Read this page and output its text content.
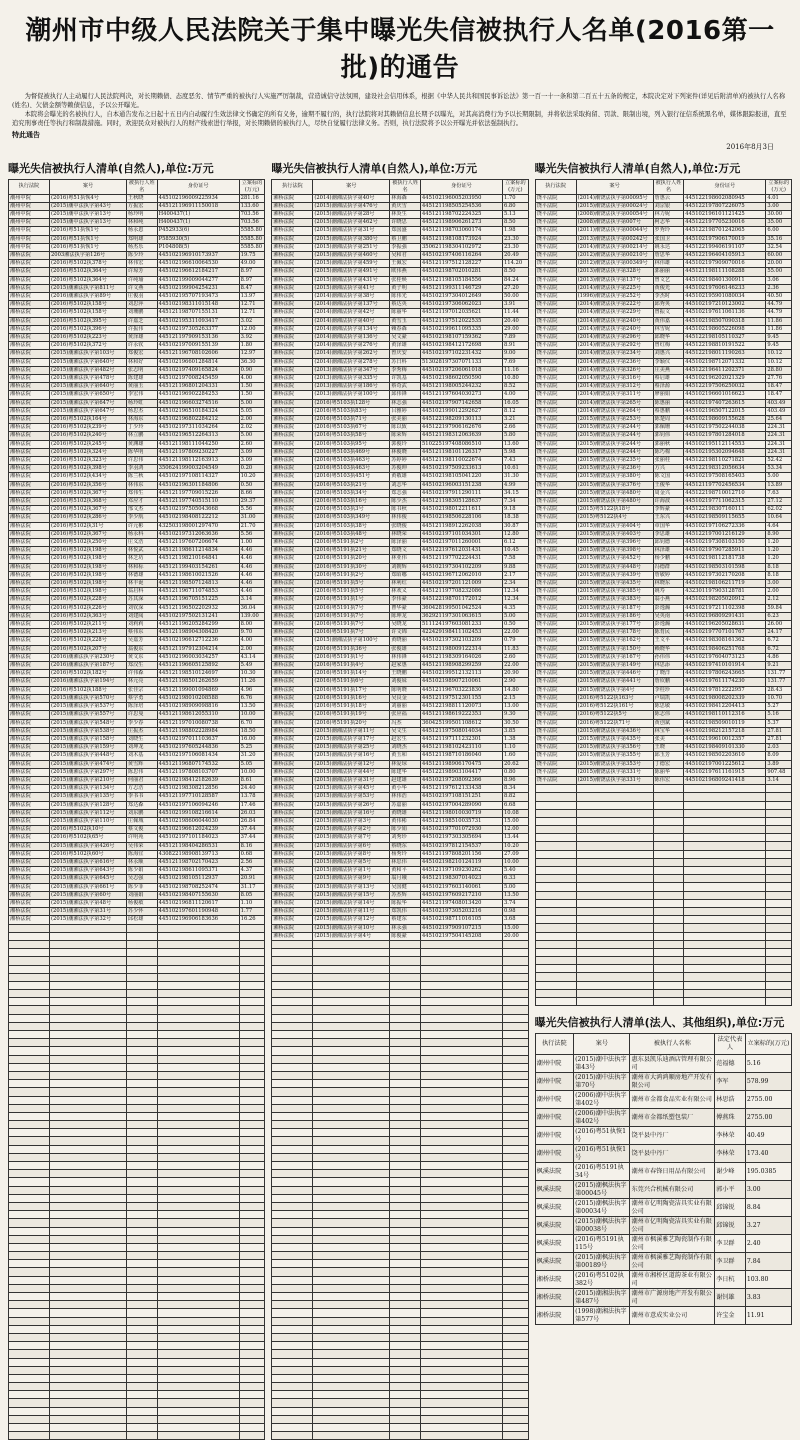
潮州市中级人民法院关于集中曝光失信被执行人名单(2016第一批)的通告

为督促被执行人主动履行人民法院判决，对长期赖债、态度恶劣、情节严重的被执行人实施严厉制裁，营造诚信守法氛围，建设社会信用体系，根据《中华人民共和国民事诉讼法》第一百一十一条和第二百五十五条的规定，本院决定对下列案件(详见后附清单)的被执行人名称(姓名)、欠债金额等赖债信息，予以公开曝光。

本院将会曝光的名被执行人，自本通告发布之日起十五日内自动履行生效法律文书确定的所有义务，逾期不履行的，执行法院将对其赖债信息长期予以曝光，对其高消费行为予以长期限制，并将依法采取拘留、罚款、限制出境，列入银行征信系统黑名单，媒体跟踪报道，直至追究刑事责任等执行和制裁措施。同时，欢迎民众对被执行人的财产线索进行举报，对长期赖债的被执行人，尽快自觉履行法律义务。否则，执行法院将予以公开曝光并依法强制执行。

特此通告
2016年8月3日
曝光失信被执行人清单(自然人),单位:万元
执行法院	案号	被执行人姓名	身份证号	立案标的(万元)
潮州中院	(2016)粤51执恢4号	王秋晓	445102196009225934	281.16
潮州中院	(2015)潮中法执字第43号	方振宏	445121196911150018	133.60
潮州中院	(2015)潮中法执字第13号	杨玲明	H400437(1)	703.56
潮州中院	(2015)潮中法执字第13号	林和纯	H400437(1)	703.56
潮州中院	(2016)粤51执恢1号	杨永恩	P452933(6)	5585.80
潮州中院	(2016)粤51执恢1号	郑明雄	P585930(5)	5585.80
潮州中院	(2016)粤51执恢1号	杨杰乐	P104808(5)	5585.80
湘桥法院	2003湘法执字第126号	陈少玲	445102196910173937	19.75
湘桥法院	(2016)粤5102执378号	林伟宏	445102196610064530	49.00
湘桥法院	(2016)粤5102执364号	许琼芳	445102196612184217	8.97
湘桥法院	(2016)粤5102执364号	许纯瑜	445102199009044277	8.97
湘桥法院	(2015)潮湘法执字第811号	许文燕	445102199904254231	8.47
湘桥法院	(2016)潮湘法执字第89号	庄俊羽	445102195707193473	13.97
湘桥法院	(2016)粤5102执158号	刘思萍	445102198311015148	12.71
湘桥法院	(2016)粤5102执158号	刘珊鹏	445121198707155131	12.71
湘桥法院	(2016)粤5102执395号	许嘉芝	445102195311093417	3.02
湘桥法院	(2016)粤5102执396号	许振伟	445102197305263377	12.00
湘桥法院	(2016)粤5102执223号	黄泽雄	445121197909153136	3.92
湘桥法院	(2016)粤5102执372号	许永钦	445102197009155139	1.80
湘桥法院	(2015)潮湘法执字第103号	郑俊宏	445121196708102606	12.97
湘桥法院	(2015)潮湘法执字第640号	林和好	445102196601284814	36.30
湘桥法院	(2015)潮湘法执字第482号	张志明	445102197409165824	0.90
湘桥法院	(2015)潮湘法执字第478号	陈建雄	445102197008245459	4.00
湘桥法院	(2015)潮湘法执字第640号	黄丽玉	445121196801204331	1.50
湘桥法院	(2015)潮湘法执字第650号	李宏伟	445102196902284253	1.50
湘桥法院	(2015)潮湘法执字第647号	杨玲虹	445102196603274516	5.00
湘桥法院	(2015)潮湘法执字第647号	杨思杰	445102196510184324	5.05
湘桥法院	(2016)粤5102执164号	林海东	445102196802284212	2.00
湘桥法院	(2016)粤5102执239号	丁少玲	445102197311034264	2.02
湘桥法院	(2016)粤5102执240号	林立鹏	445102196512264313	5.00
湘桥法院	(2016)粤5102执245号	黄渊雄	445121198111044250	2.60
湘桥法院	(2016)粤5102执324号	陈华明	445121197809230227	3.09
湘桥法院	(2016)粤5102执323号	许思伟	445121198112163913	3.09
湘桥法院	(2016)粤5102执398号	李羽鸿	350624199003204549	0.20
湘桥法院	(2016)粤5102执434号	陈兰秋	445102197108114327	10.20
湘桥法院	(2016)粤5102执356号	林伟东	445102196301184806	0.50
湘桥法院	(2016)粤5102执367号	郑伟生	445121197709015226	8.66
湘桥法院	(2016)粤5102执368号	邓应才	445121197740515110	29.37
湘桥法院	(2016)粤5102执367号	邢文杰	445102197505043668	5.56
湘桥法院	(2016)粤5102执286号	李少航	445102198408122212	31.00
湘桥法院	(2016)粤5102执31号	许元彬	432503198001297470	21.70
湘桥法院	(2016)粤5102执367号	杨永科	445102197312063636	5.56
湘桥法院	(2016)粤5102执250号	庄义浩	445121197607206674	1.00
湘桥法院	(2016)粤5102执198号	林悦武	445121198611214834	4.46
湘桥法院	(2016)粤5102执198号	林芝坊	445121198210164841	4.46
湘桥法院	(2016)粤5102执198号	林和标	445121199403154261	4.46
湘桥法院	(2016)粤5102执198号	林德雄	445121198610021526	4.46
湘桥法院	(2016)粤5102执198号	林丰诞	445121198507124813	4.46
湘桥法院	(2016)粤5102执198号	翁启科	445121196711074853	4.46
湘桥法院	(2016)粤5102执228号	苏其深	445121196705151225	3.14
湘桥法院	(2016)粤5102执226号	刘钦深	445121196502202932	36.04
湘桥法院	(2016)粤5102执363号	刘建阅	445102197502131241	139.00
湘桥法院	(2016)粤5102执211号	刘莉莉	445121196205284299	8.00
湘桥法院	(2016)粤5102执213号	蔡伟东	445121198904308420	9.70
湘桥法院	(2016)粤5102执228号	吴嘉芳	445102196612712236	4.00
湘桥法院	(2016)粤5102执207号	翁俊东	445121197912304214	2.00
湘桥法院	(2016)潮湘法执字第230号	黄文东	445102196003034257	43.14
湘桥法院	(2016)潮湘法执字第187号	郑汉生	445121196605125892	5.49
湘桥法院	(2016)粤5102执182号	许伟森	445121198510124697	10.30
湘桥法院	(2016)潮湘法执字第194号	林元亮	445121198501262659	11.26
湘桥法院	(2016)粤5102执188号	张佳宗	445121199001094869	4.96
湘桥法院	(2015)潮湘法执字第570号	蔡学勇	445102198010208588	6.76
湘桥法院	(2015)潮湘法执字第537号	陈泽培	445102198909098816	13.50
湘桥法院	(2015)潮湘法执字第557号	许思曼	445121198612055310	10.00
湘桥法院	(2015)潮湘法执字第548号	李少春	445121197010080738	6.70
湘桥法院	(2015)潮湘法执字第538号	庄振杰	445121198802228984	18.50
湘桥法院	(2015)潮湘法执字第158号	刘晓生	445102197011103637	16.00
湘桥法院	(2015)潮湘法执字第159号	刘坤龙	445102197605244836	5.25
湘桥法院	(2015)潮湘法执字第448号	刘木基	445102197106081434	31.20
湘桥法院	(2015)潮湘法执字第474号	黄雪辉	445121196807174532	5.05
湘桥法院	(2015)潮湘法执字第297号	陈思伟	445121197808103707	10.00
湘桥法院	(2015)潮湘法执字第210号	何丽君	445102198412182639	8.61
湘桥法院	(2015)潮湘法执字第134号	方志浩	445102198308212856	24.40
湘桥法院	(2015)潮湘法执字第135号	李书书	445121197710128587	13.78
湘桥法院	(2015)潮湘法执字第128号	郑达森	445102197106094246	17.46
湘桥法院	(2015)潮湘法执字第112号	刘东鹏	445102199108216614	26.03
湘桥法院	(2015)潮湘法执字第110号	庄佩城	445102198606044030	26.84
湘桥法院	(2016)粤5102执10号	蔡文俊	445102196612024239	37.44
湘桥法院	(2016)粤5102执65号	许明苑	445102197101184023	37.44
湘桥法院	(2015)潮湘法执字第426号	吴伟荣	445121198404286531	8.16
湘桥法院	(2016)粤5102执60号	陈海宜	430822198908139713	0.68
湘桥法院	(2015)潮湘法执字第616号	林永顺	445121198702170423	2.56
湘桥法院	(2015)潮湘法执字第643号	陈少娟	445102198611095371	4.37
湘桥法院	(2015)潮湘法执字第645号	吴志强	445102198105112937	20.91
湘桥法院	(2015)潮湘法执字第661号	陈少菲	445102198708252474	31.17
湘桥法院	(2015)潮湘法执字第60号	刘丽娟	445102198407155630	8.05
湘桥法院	(2015)潮湘法执字第48号	杨俊敏	445102196811120617	1.10
湘桥法院	(2015)潮湘法执字第31号	苏少怀	445102197601190948	1.77
湘桥法院	(2015)潮湘法执字第32号	邱松雄	445102196906183636	16.26

曝光失信被执行人清单(自然人),单位:万元
执行法院	案号	被执行人姓名	身份证号	立案标的(万元)
湘桥法院	(2014)潮湘法执字第40号	林海森	445102196005203950	1.70
湘桥法院	(2015)潮湘法执字第476号	黄庆雪	445121198505254536	6.80
湘桥法院	(2015)潮湘法执字第28号	林炎生	445121198702224325	5.13
湘桥法院	(2015)潮湘法执字第462号	许晓思	445121198906261273	8.50
湘桥法院	(2015)潮湘法执字第31号	郑国盛	445121198703060174	1.98
湘桥法院	(2015)潮湘法执字第380号	蔡卫鹏	445121198108173924	23.30
湘桥法院	(2015)潮湘法执字第251号	李振强	350621198304102972	23.30
湘桥法院	(2015)潮湘法执字第460号	吴和君	445102197406116264	20.49
湘桥法院	(2015)潮湘法执字第459号	王佩宏	445121197512128227	114.20
湘桥法院	(2015)潮湘法执字第491号	欧伟燕	445102198702010281	8.50
湘桥法院	(2015)潮湘法执字第431号	张桂焕	445121198105184556	84.24
湘桥法院	(2015)潮湘法执字第41号	黄子明	445121199311146729	27.20
湘桥法院	(2014)潮湘法执字第38号	陈伟光	445102197304012649	50.00
湘桥法院	(2014)潮湘法执字第137号	蔡达英	445102197306062023	3.91
湘桥法院	(2014)潮湘法执字第42号	陈丽华	445121197012035621	11.44
湘桥法院	(2014)潮湘法执字第40号	黄雪玉	445121197512022535	20.40
湘桥法院	(2014)潮湘法执字第134号	赖春森	445102199611095335	29.00
湘桥法院	(2014)潮湘法执字第136号	吴文豪	445102198107159362	7.89
湘桥法院	(2014)潮湘法执字第276号	黄泽雄	445102198412172698	8.91
湘桥法院	(2014)潮湘法执字第262号	曾庆安	445102197102231432	9.00
湘桥法院	(2014)潮湘法执字第278号	苏日科	513028197307071133	7.69
湘桥法院	(2013)潮湘法执字第347号	李秀梅	445102197206061018	11.16
湘桥法院	(2013)潮湘法执字第335号	许凯基	445102198602050590	10.80
湘桥法院	(2013)潮湘法执字第186号	蔡奇武	445121198005244232	8.52
湘桥法院	(2013)潮湘法执字第100号	邱伟锋	445121197604030273	4.00
湘桥法院	(2016)粤5103执128号	林志强	445102197907142658	16.05
湘桥法院	(2016)粤5103执83号	吕雅婷	445102199012292627	8.12
湘桥法院	(2016)粤5103执71号	张美丽	445122198209130113	3.21
湘桥法院	(2016)粤5103执67号	陈以致	445122197906162676	2.66
湘桥法院	(2016)粤5103执58号	陈荣辉	445121198312063639	5.80
湘桥法院	(2016)粤5103执95号	郭俊玲	510225197408086510	13.60
湘桥法院	(2016)粤5103执469号	林俊晓	445121198101126317	5.98
湘桥法院	(2016)粤5103执463号	苏婷婷	445121198110022674	7.43
湘桥法院	(2016)粤5103执463号	苏俊坤	445102197509233613	10.61
湘桥法院	(2016)粤5103执451号	黄敬雄	445102198105041220	31.30
湘桥法院	(2016)粤5103执21号	刘志华	445102196003151238	4.99
湘桥法院	(2016)粤5103执34号	郑志强	445102197911290111	34.15
湘桥法院	(2016)粤5103执16号	陈少杰	445121198305128637	7.34
湘桥法院	(2016)粤5103执3号	陈书秋	445102198012211611	9.18
湘桥法院	(2016)粤5103执349号	林伟俊	445102198506228106	18.38
湘桥法院	(2016)粤5103执38号	张晓俊	445121198912262038	30.87
湘桥法院	(2016)粤5103执48号	林晓荣	445102197101034301	12.80
湘桥法院	(2016)粤5191执2号	陈泽丽	445102197011260001	6.12
湘桥法院	(2016)粤5191执21号	郑晓文	445122197612031431	10.45
湘桥法院	(2016)粤5191执20号	林亚伟	445121197702224431	7.58
湘桥法院	(2016)粤5191执30号	刘朝辉	445102197304102209	9.88
湘桥法院	(2016)粤5191执2号	郑昭娜	445102196712062010	2.17
湘桥法院	(2016)粤5191执5号	林利红	445102197201121009	2.34
湘桥法院	(2016)粤5191执5号	林欢义	445121197708232086	12.34
湘桥法院	(2016)粤5191执1号	李伟豪	445122198701172012	12.34
湘桥法院	(2016)粤5191执7号	曹华豪	360428199501042524	4.35
湘桥法院	(2016)粤5191执7号	陈坤龙	362921197301063615	5.00
湘桥法院	(2016)粤5191执7号	吴晓龙	511124197603081233	0.50
湘桥法院	(2016)粤5191执7号	许文锦	422429198411102453	22.00
湘桥法院	(2015)潮湘法执字第100号	黄晓丽	445102197302103209	0.79
湘桥法院	(2016)粤5191执36号	张俊雄	445121198009122314	11.83
湘桥法院	(2016)粤5191执1号	林伟锋	445121198309164026	2.60
湘桥法院	(2016)粤5191执4号	赵家惠	445121198908299259	22.00
湘桥法院	(2016)粤5191执14号	王晓鹏	445102199512132113	20.90
湘桥法院	(2016)粤5191执6号	刘俊妹	445102198907210061	2.90
湘桥法院	(2016)粤5191执17号	陈明晓	445121196703223830	14.80
湘桥法院	(2016)粤5191执16号	吴良金	445121197512301155	2.15
湘桥法院	(2016)粤5191执18号	刘丽丽	445122198811120073	13.00
湘桥法院	(2016)粤5191执19号	张应福	445121198619222353	9.30
湘桥法院	(2016)粤5191执20号	冯杰	360425199501108612	30.50
湘桥法院	(2015)潮湘法执字第11号	吴文生	445121197508014034	3.85
湘桥法院	(2015)潮湘法执字第17号	赵宏生	445121197111232301	1.38
湘桥法院	(2015)潮湘法执字第25号	刘晓杰	445121198102423110	1.10
湘桥法院	(2015)潮湘法执字第16号	黄玉和	445121198710186040	1.60
湘桥法院	(2015)潮湘法执字第12号	林爱琼	445121198906170475	20.62
湘桥法院	(2015)潮湘法执字第44号	陈建华	445122198903104417	0.80
湘桥法院	(2015)潮湘法执字第31号	赵建雄	445102197208092366	8.96
湘桥法院	(2015)潮湘法执字第45号	黄小华	445121197612133438	8.34
湘桥法院	(2015)潮湘法执字第53号	林伟浩	445102197108151251	8.82
湘桥法院	(2015)潮湘法执字第26号	苏嘉丽	445102197004289090	6.68
湘桥法院	(2015)潮湘法执字第16号	黄晓雄	445121198010030719	10.08
湘桥法院	(2015)潮湘法执字第3号	黄伟彬	445121198510035731	15.00
湘桥法院	(2015)潮湘法执字第2号	陈少娟	445102197701072930	12.00
湘桥法院	(2015)潮湘法执字第7号	刘秀珍	445102197303305694	13.44
湘桥法院	(2015)潮湘法执字第6号	蔡晓东	445102197812154537	10.20
湘桥法院	(2015)潮湘法执字第8号	杨秀玲	445121197808201156	27.09
湘桥法院	(2015)潮湘法执字第5号	林思伟	445102198210124119	10.00
湘桥法院	(2015)潮湘法执字第1号	黄和平	445121197109230262	5.40
湘桥法院	(2015)潮湘法执字第9号	翁月娥	445121198307014023	6.33
湘桥法院	(2015)潮湘法执字第13号	吴国健	445102197603140061	5.00
湘桥法院	(2015)潮湘法执字第15号	苏杰辉	445102197609217210	13.50
湘桥法院	(2015)潮湘法执字第14号	陈振华	445121197408013420	3.74
湘桥法院	(2015)潮湘法执字第11号	郑凯伟	445102197305203216	0.98
湘桥法院	(2015)潮湘法执字第12号	蔡建东	445102198711016105	3.68
湘桥法院	(2015)潮湘法执字第10号	林永强	445102197909107215	15.00
湘桥法院	(2015)潮湘法执字第4号	陈俊豪	445102197504145208	20.00

曝光失信被执行人清单(自然人),单位:万元
执行法院	案号	被执行人姓名	身份证号	立案标的(万元)
饶平法院	(2014)潮饶法执字第00095号	詹惠云	445122198602080945	4.01
饶平法院	(2015)潮饶法执字第00024号	刘宗银	445122197807226075	3.00
饶平法院	(2008)潮饶法执字第00054号	林力妮	445102196101121425	30.00
饶平法院	(2008)潮饶法执字第007号	柯志华	445122197705230016	35.00
饶平法院	(2011)潮饶法执字第00044号	罗秀玲	445122198701242065	6.00
饶平法院	(2013)潮饶法执字第00242号	张国卫	445102197906170019	35.16
饶平法院	(2014)潮饶法执字第00214号	姚永达	445122199406191107	32.54
饶平法院	(2012)潮饶法执字第00210号	詹思华	445122196404105913	60.00
饶平法院	(2012)潮饶法执字第00349号	林伟雄	445102197909070016	20.00
饶平法院	(2013)潮饶法执字第328号	郭丽丽	445121198111108288	55.00
饶平法院	(2013)潮饶法执字第137号	曾文艺	445102198401300911	3.06
饶平法院	(2014)潮饶法执字第225号	黄俊光	445102197606146233	2.36
饶平法院	(1996)潮饶法执字第252号	李杰时	445102195901080034	40.50
饶平法院	(2014)潮饶法执字第222号	邱秀英	445102197210123002	44.79
饶平法院	(2014)潮饶法执字第229号	曾振文	445102197611061136	44.79
饶平法院	(2014)潮饶法执字第240号	黄伟嘉	445102198507090318	11.86
饶平法院	(2014)潮饶法执字第240号	林雪妮	445102198605226098	11.86
饶平法院	(2014)潮饶法执字第296号	邱晓华	445122198105110327	9.45
饶平法院	(2014)潮饶法执字第292号	曾红梅	445122198810191522	9.45
饶平法院	(2014)潮饶法执字第234号	刘惠兴	445122198011190263	10.12
饶平法院	(2014)潮饶法执字第236号	李颖仪	445102198712071332	10.12
饶平法院	(2014)潮饶法执字第326号	庄美燕	445122196411202371	28.80
饶平法院	(2014)潮饶法执字第316号	蔡启雄	445102196202021329	27.76
饶平法院	(2014)潮饶法执字第312号	蔡泽源	445122197506250032	18.47
饶平法院	(2014)潮饶法执字第311号	廖丽娟	445102196601016623	18.47
饶平法院	(2014)潮饶法执字第265号	陈惠丽	445102197407263615	403.49
饶平法院	(2014)潮饶法执字第264号	蔡惠鹏	445102196507122015	403.49
饶平法院	(2015)潮饶法执字第253号	陈楚周	445102198609155628	25.64
饶平法院	(2015)潮饶法执字第244号	郭佩珊	445102197502244038	224.31
饶平法院	(2015)潮饶法执字第244号	郭钊伟	445102197801284018	224.31
饶平法院	(2015)潮饶法执字第244号	郭丽秋	445102195112114553	224.31
饶平法院	(2015)潮饶法执字第244号	陈巧棉	445102195302094648	224.31
饶平法院	(2015)潮饶法执字第235号	张丽桂	445122198110271821	52.42
饶平法院	(2015)潮饶法执字第236号	方兴	445122198312056634	53.34
饶平法院	(2015)潮饶法执字第380号	陈文国	445102197508165403	5.00
饶平法院	(2015)潮饶法执字第376号	王俊华	445121197702456534	13.89
饶平法院	(2015)潮饶法执字第480号	周金兴	445122198710012710	7.63
饶平法院	(2015)潮饶法执字第480号	许海波	445102197711062315	27.12
饶平法院	(2015)粤5122执18号	李辉豪	445122198307160111	62.02
饶平法院	(2015)粤5122执4号	王东兴	445102198509115655	10.64
饶平法院	(2015)潮饶法执字第404号	章国华	445102197106272336	4.64
饶平法院	(2015)潮饶法执字第403号	李思雄	445122197001216129	8.90
饶平法院	(2015)潮饶法执字第396号	邱钊德	445102197308103150	1.20
饶平法院	(2015)潮饶法执字第398号	林泽雄	445102197907285911	1.20
饶平法院	(2015)潮饶法执字第452号	杨少鹏	445102198112181738	1.20
饶平法院	(2015)潮饶法执字第448号	冯德群	445102198503101598	8.18
饶平法院	(2015)潮饶法执字第439号	詹敏婷	445102197302170208	8.18
饶平法院	(2015)潮饶法执字第435号	林晓东	445102198106211719	3.00
饶平法院	(2015)潮饶法执字第385号	姚寿	432301197903128781	2.00
饶平法院	(2015)潮饶法执字第383号	翁小燕	445102198205020912	2.12
饶平法院	(2015)潮饶法执字第187号	彭逸瀚	445102197211102398	59.84
饶平法院	(2015)潮饶法执字第186号	吴英南	445102196809291431	6.23
饶平法院	(2015)潮饶法执字第177号	彭逸瀚	445102196205028631	26.00
饶平法院	(2015)潮饶法执字第178号	陈育民	445102197707101767	24.17
饶平法院	(2015)潮饶法执字第162号	王文平	445102198308161362	6.72
饶平法院	(2015)潮饶法执字第150号	赖晓华	445102198406251768	6.72
饶平法院	(2015)潮饶法执字第167号	孙伟伟	445102197604073123	4.86
饶平法院	(2015)潮饶法执字第149号	林思添	445102197410101914	9.21
饶平法院	(2015)潮饶法执字第446号	丁晓洋	445102197806243665	131.77
饶平法院	(2015)潮饶法执字第441号	詹钦鹏	445102197611174230	131.77
饶平法院	(2015)潮饶法执字第4号	李桂珍	445102197812222957	28.43
饶平法院	(2016)粤5122执163号	卢瑞凯	445102198008202339	10.70
饶平法院	(2016)粤5122执161号	陈思敏	445102198412204413	5.27
饶平法院	(2016)粤5122执5号	陈志伟	445102198110112316	5.16
饶平法院	(2016)粤5122执71号	黄创斌	445102198509010119	5.37
饶平法院	(2015)潮饶法执字第436号	林宝华	445102198212157218	27.81
饶平法院	(2015)潮饶法执字第435号	张美	445102199610012357	27.81
饶平法院	(2015)潮饶法执字第356号	王晓	445102198409101330	2.03
饶平法院	(2015)潮饶法执字第355号	邱玉芳	445102198502203610	8.09
饶平法院	(2015)潮饶法执字第353号	丁德宏	445102197001225612	3.89
饶平法院	(2015)潮饶法执字第331号	陈丽华	445102197611161915	907.48
饶平法院	(2015)潮饶法执字第331号	陈伟宏	445102196809241418	3.14

曝光失信被执行人清单(法人、其他组织),单位:万元
执行法院	案号	被执行人名称	法定代表人	立案标的(万元)
潮州中院	(2015)潮中法执字第43号	惠东县凯乐迪酒店管理有限公司	范福德	5.16
潮州中院	(2015)潮中法执字第70号	潮州市大鸿鸿顺房地产开发有限公司	李军	578.99
潮州中院	(2006)潮中法执字第402号	潮州市金都食品实业有限公司	林思浩	2755.00
潮州中院	(2006)潮中法执字第402号	潮州市金都纸塑包装厂	傅燕珠	2755.00
潮州中院	(2016)粤51执恢1号	饶平县中丹厂	李林荣	40.49
潮州中院	(2016)粤51执恢1号	饶平县中丹厂	李林荣	173.40
枫溪法院	(2016)粤5191执34号	潮州市春锋日用品有限公司	谢少峰	195.0385
枫溪法院	(2015)潮枫法执字第00045号	东莞兴合机械有限公司	郭小平	3.00
枫溪法院	(2015)潮枫法执字第00034号	潮州市亿明陶瓷洁具实业有限公司	邱锦锐	8.84
枫溪法院	(2015)潮枫法执字第00038号	潮州市亿明陶瓷洁具实业有限公司	邱锦锐	3.27
枫溪法院	(2016)粤5191执115号	潮州市枫溪雅艺陶瓷制作有限公司	李卫群	2.40
枫溪法院	(2015)潮枫法执字第00189号	潮州市枫溪雅艺陶瓷制作有限公司	李卫群	7.84
湘桥法院	(2016)粤5102执382号	潮州市湘桥区道韵茶业有限公司	李日杭	103.80
湘桥法院	(2015)潮湘法执字第487号	潮州市广源房地产开发有限公司	谢钊雄	3.83
湘桥法院	(1998)潮湘法执字第577号	潮州市意成实业公司	许宝金	11.91
